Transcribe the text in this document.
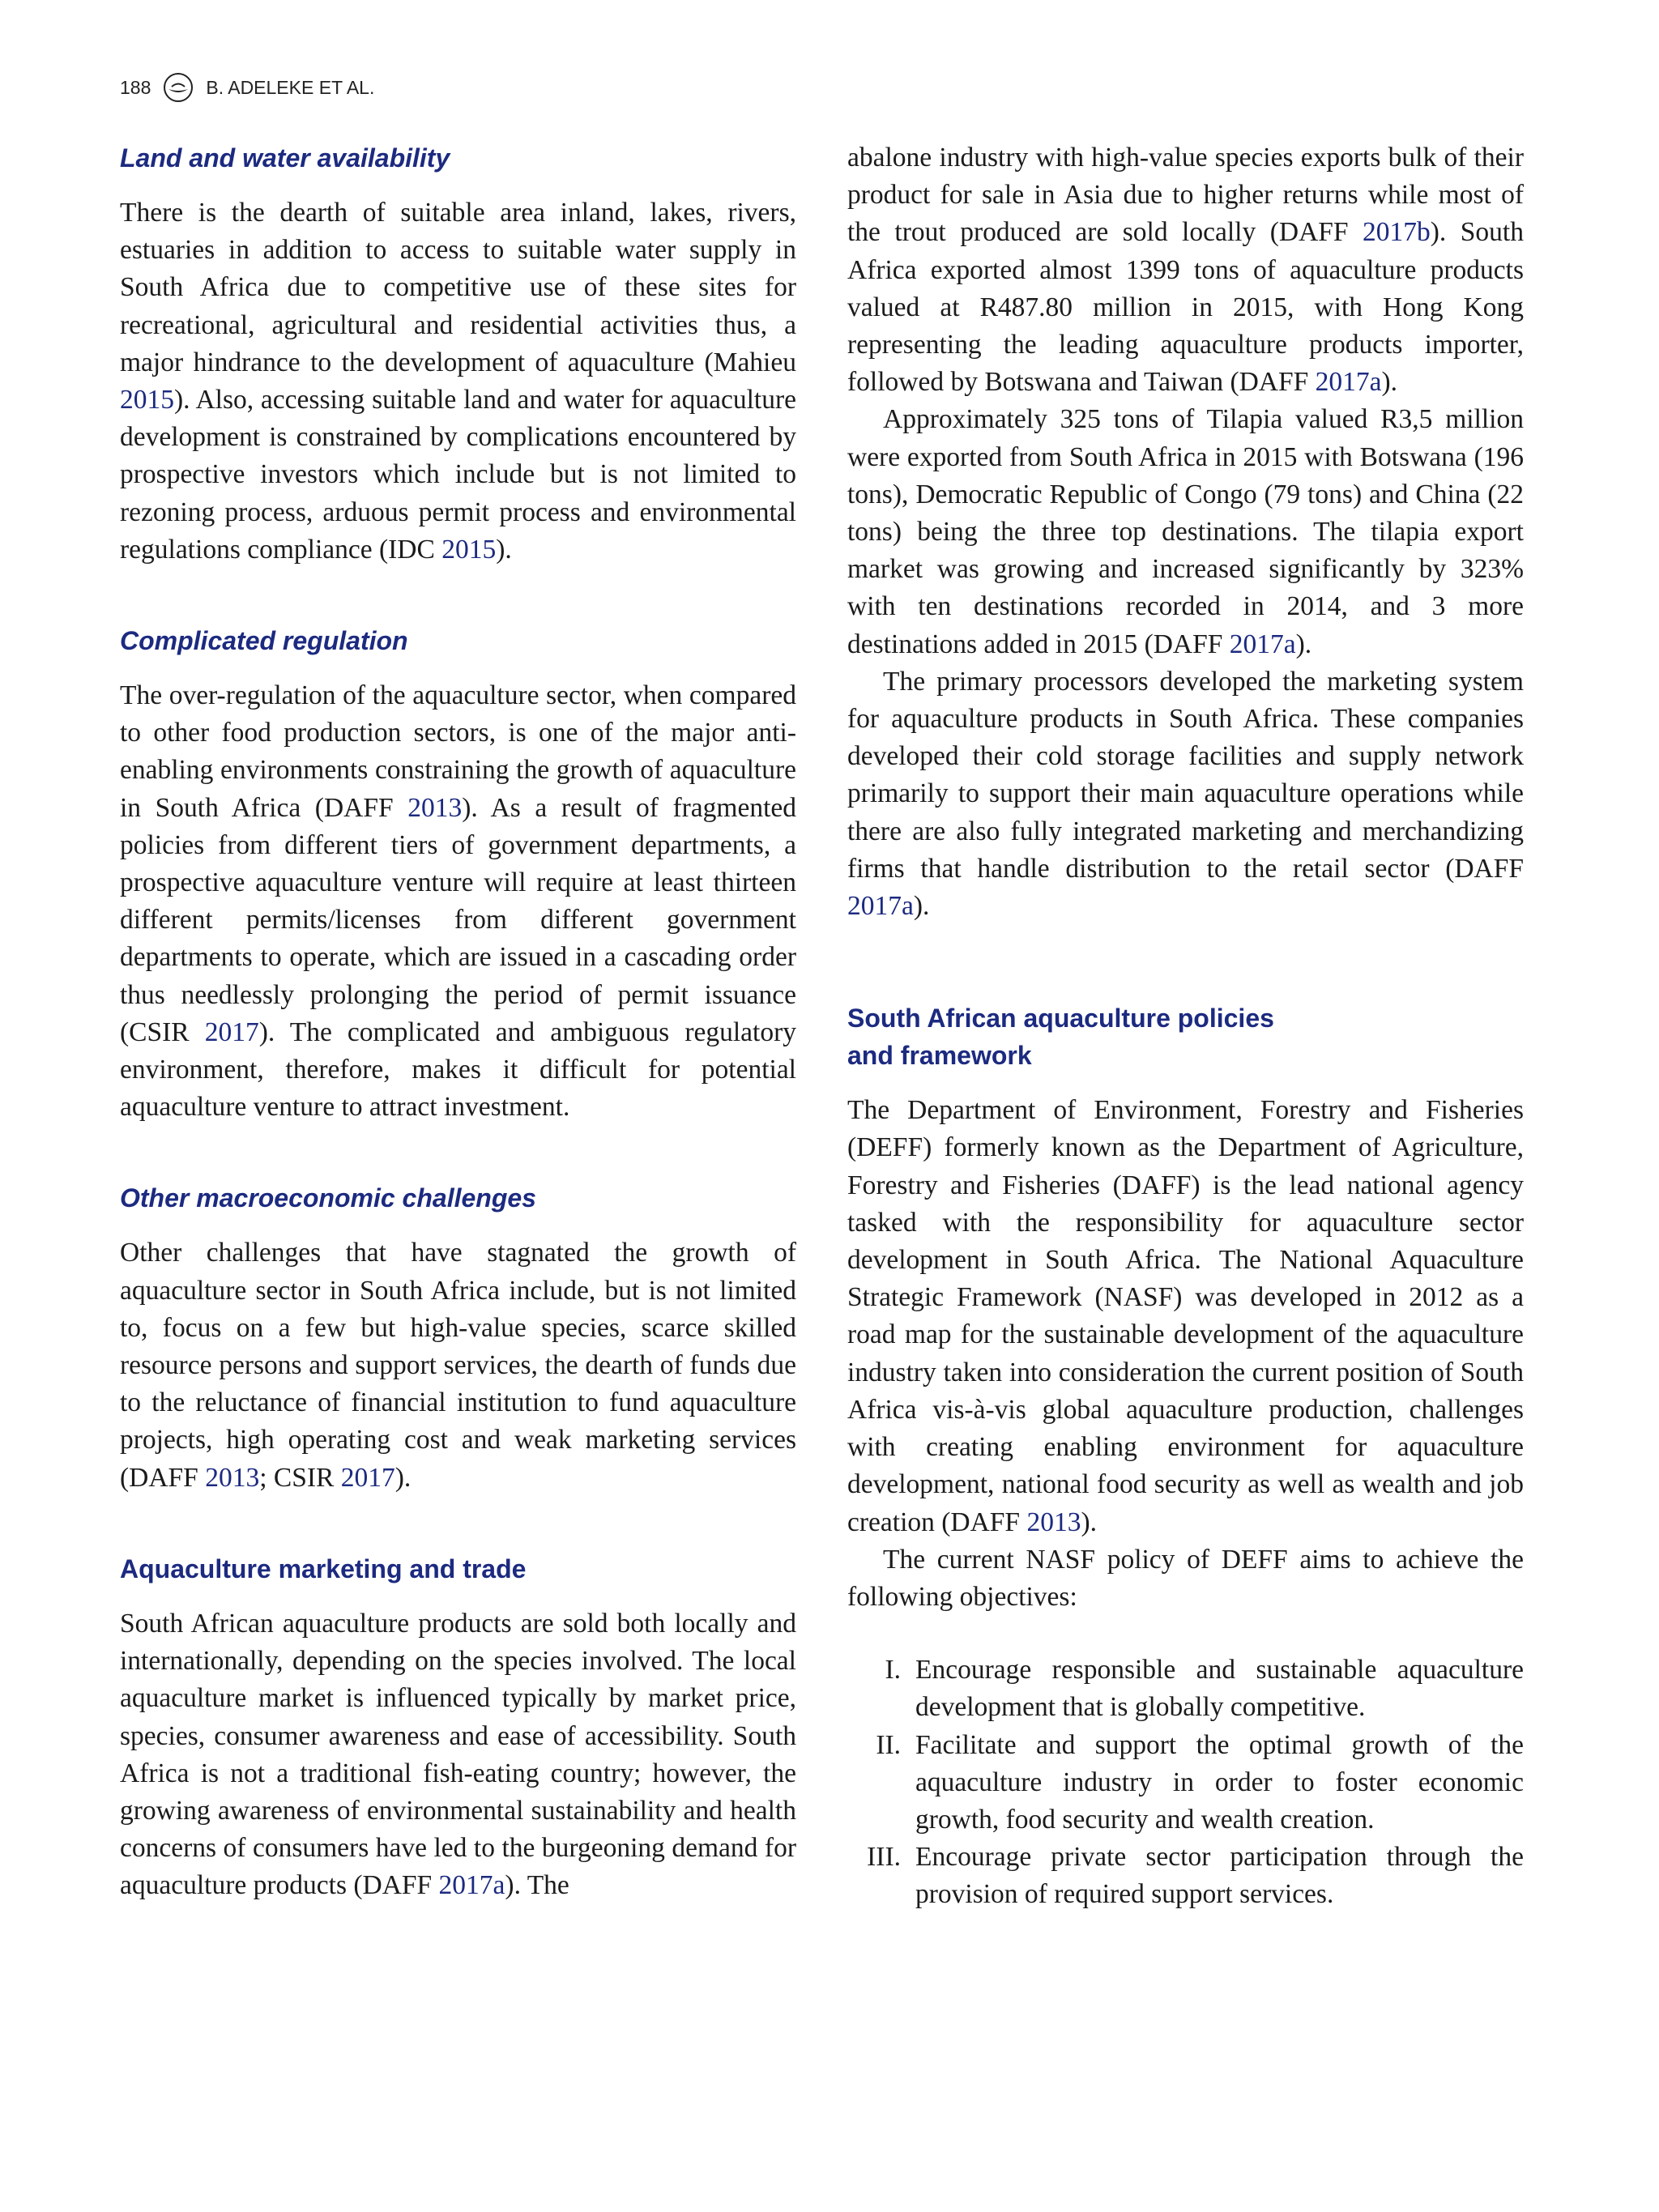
188	B. ADELEKE ET AL.
Land and water availability

There is the dearth of suitable area inland, lakes, rivers, estuaries in addition to access to suitable water supply in South Africa due to competitive use of these sites for recreational, agricultural and residential activities thus, a major hindrance to the development of aquaculture (Mahieu 2015). Also, accessing suitable land and water for aquaculture development is constrained by complications encountered by prospective investors which include but is not limited to rezoning process, arduous permit process and environmental regulations compliance (IDC 2015).

Complicated regulation

The over-regulation of the aquaculture sector, when compared to other food production sectors, is one of the major anti-enabling environments constraining the growth of aquaculture in South Africa (DAFF 2013). As a result of fragmented policies from different tiers of government departments, a prospective aquaculture venture will require at least thirteen different permits/licenses from different government departments to operate, which are issued in a cascading order thus needlessly prolonging the period of permit issuance (CSIR 2017). The complicated and ambiguous regulatory environment, therefore, makes it difficult for potential aquaculture venture to attract investment.

Other macroeconomic challenges

Other challenges that have stagnated the growth of aquaculture sector in South Africa include, but is not limited to, focus on a few but high-value species, scarce skilled resource persons and support services, the dearth of funds due to the reluctance of financial institution to fund aquaculture projects, high operating cost and weak marketing services (DAFF 2013; CSIR 2017).

Aquaculture marketing and trade

South African aquaculture products are sold both locally and internationally, depending on the species involved. The local aquaculture market is influenced typically by market price, species, consumer awareness and ease of accessibility. South Africa is not a traditional fish-eating country; however, the growing awareness of environmental sustainability and health concerns of consumers have led to the burgeoning demand for aquaculture products (DAFF 2017a). The

abalone industry with high-value species exports bulk of their product for sale in Asia due to higher returns while most of the trout produced are sold locally (DAFF 2017b). South Africa exported almost 1399 tons of aquaculture products valued at R487.80 million in 2015, with Hong Kong representing the leading aquaculture products importer, followed by Botswana and Taiwan (DAFF 2017a).

Approximately 325 tons of Tilapia valued R3,5 million were exported from South Africa in 2015 with Botswana (196 tons), Democratic Republic of Congo (79 tons) and China (22 tons) being the three top destinations. The tilapia export market was growing and increased significantly by 323% with ten destinations recorded in 2014, and 3 more destinations added in 2015 (DAFF 2017a).

The primary processors developed the marketing system for aquaculture products in South Africa. These companies developed their cold storage facilities and supply network primarily to support their main aquaculture operations while there are also fully integrated marketing and merchandizing firms that handle distribution to the retail sector (DAFF 2017a).

South African aquaculture policies
and framework

The Department of Environment, Forestry and Fisheries (DEFF) formerly known as the Department of Agriculture, Forestry and Fisheries (DAFF) is the lead national agency tasked with the responsibility for aquaculture sector development in South Africa. The National Aquaculture Strategic Framework (NASF) was developed in 2012 as a road map for the sustainable development of the aquaculture industry taken into consideration the current position of South Africa vis-à-vis global aquaculture production, challenges with creating enabling environment for aquaculture development, national food security as well as wealth and job creation (DAFF 2013).

The current NASF policy of DEFF aims to achieve the following objectives:

I. Encourage responsible and sustainable aquaculture development that is globally competitive.
II. Facilitate and support the optimal growth of the aquaculture industry in order to foster economic growth, food security and wealth creation.
III. Encourage private sector participation through the provision of required support services.
